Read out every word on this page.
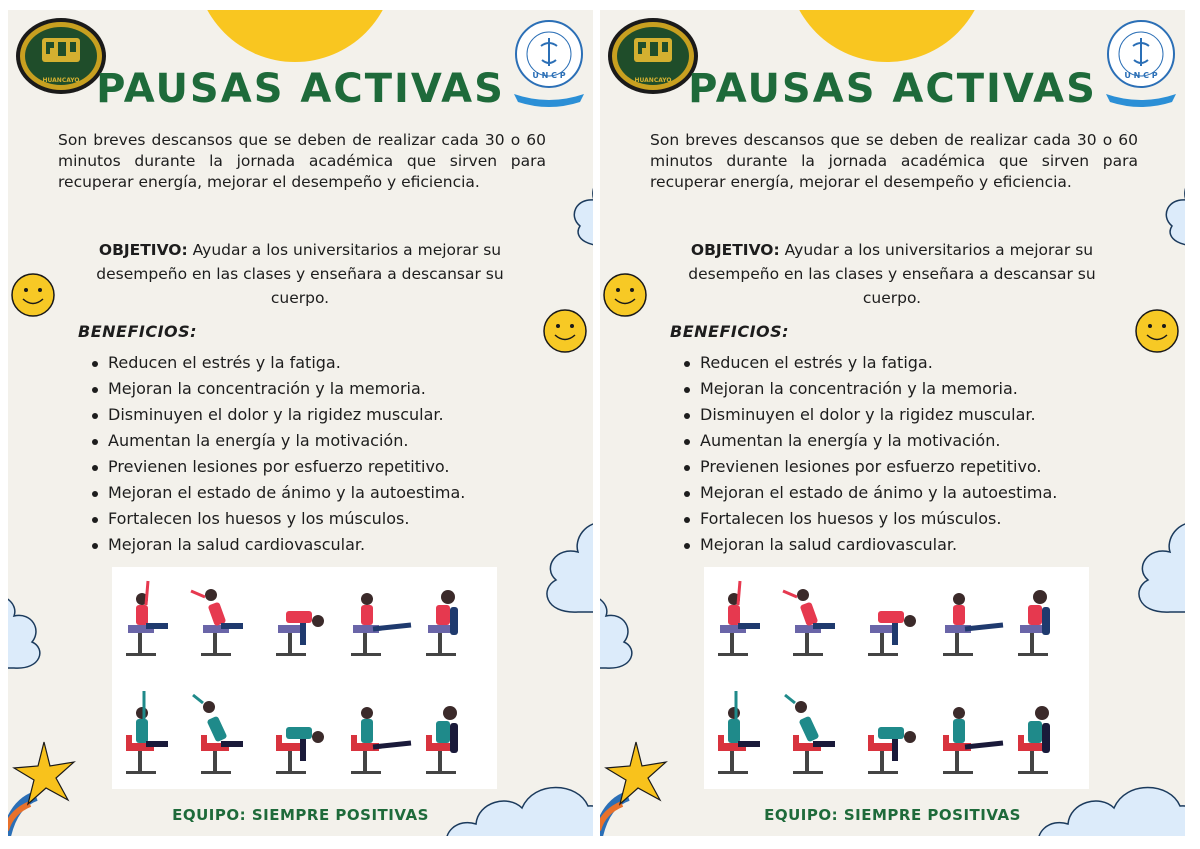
HUANCAYO
U N C P
PAUSAS ACTIVAS
Son breves descansos que se deben de realizar cada 30 o 60 minutos durante la jornada académica que sirven para recuperar energía, mejorar el desempeño y eficiencia.
OBJETIVO: Ayudar a los universitarios a mejorar su desempeño en las clases y enseñara a descansar su cuerpo.
BENEFICIOS:
Reducen el estrés y la fatiga.
Mejoran la concentración y la memoria.
Disminuyen el dolor y la rigidez muscular.
Aumentan la energía y la motivación.
Previenen lesiones por esfuerzo repetitivo.
Mejoran el estado de ánimo y la autoestima.
Fortalecen los huesos y los músculos.
Mejoran la salud cardiovascular.
EQUIPO: SIEMPRE POSITIVAS
HUANCAYO
U N C P
PAUSAS ACTIVAS
Son breves descansos que se deben de realizar cada 30 o 60 minutos durante la jornada académica que sirven para recuperar energía, mejorar el desempeño y eficiencia.
OBJETIVO: Ayudar a los universitarios a mejorar su desempeño en las clases y enseñara a descansar su cuerpo.
BENEFICIOS:
Reducen el estrés y la fatiga.
Mejoran la concentración y la memoria.
Disminuyen el dolor y la rigidez muscular.
Aumentan la energía y la motivación.
Previenen lesiones por esfuerzo repetitivo.
Mejoran el estado de ánimo y la autoestima.
Fortalecen los huesos y los músculos.
Mejoran la salud cardiovascular.
EQUIPO: SIEMPRE POSITIVAS
